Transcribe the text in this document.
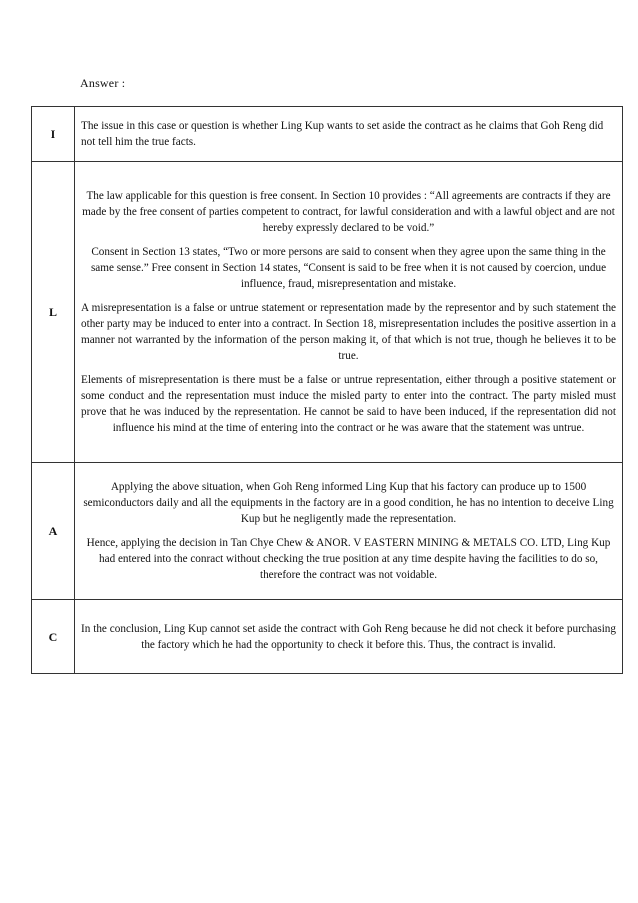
Answer :
I	The issue in this case or question is whether Ling Kup wants to set aside the contract as he claims that Goh Reng did not tell him the true facts.

L	The law applicable for this question is free consent. In Section 10 provides : “All agreements are contracts if they are made by the free consent of parties competent to contract, for lawful consideration and with a lawful object and are not hereby expressly declared to be void.”

Consent in Section 13 states, “Two or more persons are said to consent when they agree upon the same thing in the same sense.” Free consent in Section 14 states, “Consent is said to be free when it is not caused by coercion, undue influence, fraud, misrepresentation and mistake.

A misrepresentation is a false or untrue statement or representation made by the representor and by such statement the other party may be induced to enter into a contract. In Section 18, misrepresentation includes the positive assertion in a manner not warranted by the information of the person making it, of that which is not true, though he believes it to be true.

Elements of misrepresentation is there must be a false or untrue representation, either through a positive statement or some conduct and the representation must induce the misled party to enter into the contract. The party misled must prove that he was induced by the representation. He cannot be said to have been induced, if the representation did not influence his mind at the time of entering into the contract or he was aware that the statement was untrue.

A	Applying the above situation, when Goh Reng informed Ling Kup that his factory can produce up to 1500 semiconductors daily and all the equipments in the factory are in a good condition, he has no intention to deceive Ling Kup but he negligently made the representation.

Hence, applying the decision in Tan Chye Chew & ANOR. V EASTERN MINING & METALS CO. LTD, Ling Kup had entered into the conract without checking the true position at any time despite having the facilities to do so, therefore the contract was not voidable.

C	In the conclusion, Ling Kup cannot set aside the contract with Goh Reng because he did not check it before purchasing the factory which he had the opportunity to check it before this. Thus, the contract is invalid.
